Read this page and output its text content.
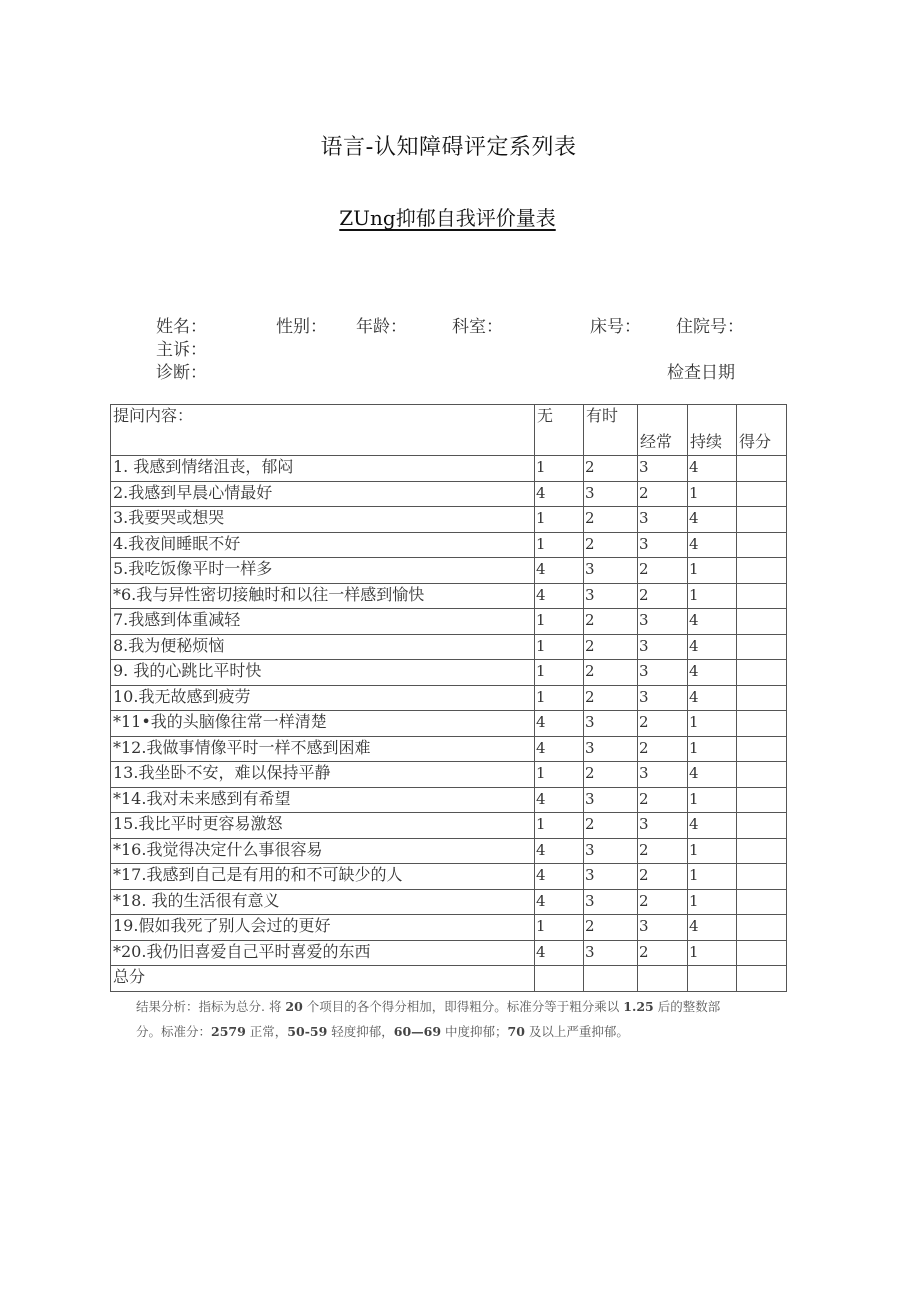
语言-认知障碍评定系列表
ZUng抑郁自我评价量表
姓名：	性别： 年龄：	科室：	床号： 住院号：
主诉：
诊断：	检查日期
提问内容：	无	有时	经常	持续	得分
1. 我感到情绪沮丧，郁闷	1	2	3	4	
2.我感到早晨心情最好	4	3	2	1	
3.我要哭或想哭	1	2	3	4	
4.我夜间睡眠不好	1	2	3	4	
5.我吃饭像平时一样多	4	3	2	1	
*6.我与异性密切接触时和以往一样感到愉快	4	3	2	1	
7.我感到体重减轻	1	2	3	4	
8.我为便秘烦恼	1	2	3	4	
9. 我的心跳比平时快	1	2	3	4	
10.我无故感到疲劳	1	2	3	4	
*11•我的头脑像往常一样清楚	4	3	2	1	
*12.我做事情像平时一样不感到困难	4	3	2	1	
13.我坐卧不安，难以保持平静	1	2	3	4	
*14.我对未来感到有希望	4	3	2	1	
15.我比平时更容易激怒	1	2	3	4	
*16.我觉得决定什么事很容易	4	3	2	1	
*17.我感到自己是有用的和不可缺少的人	4	3	2	1	
*18. 我的生活很有意义	4	3	2	1	
19.假如我死了别人会过的更好	1	2	3	4	
*20.我仍旧喜爱自己平时喜爱的东西	4	3	2	1	
总分					
结果分析：指标为总分. 将 20 个项目的各个得分相加，即得粗分。标准分等于粗分乘以 1.25 后的整数部
分。标准分：2579 正常，50-59 轻度抑郁，60—69 中度抑郁；70 及以上严重抑郁。
